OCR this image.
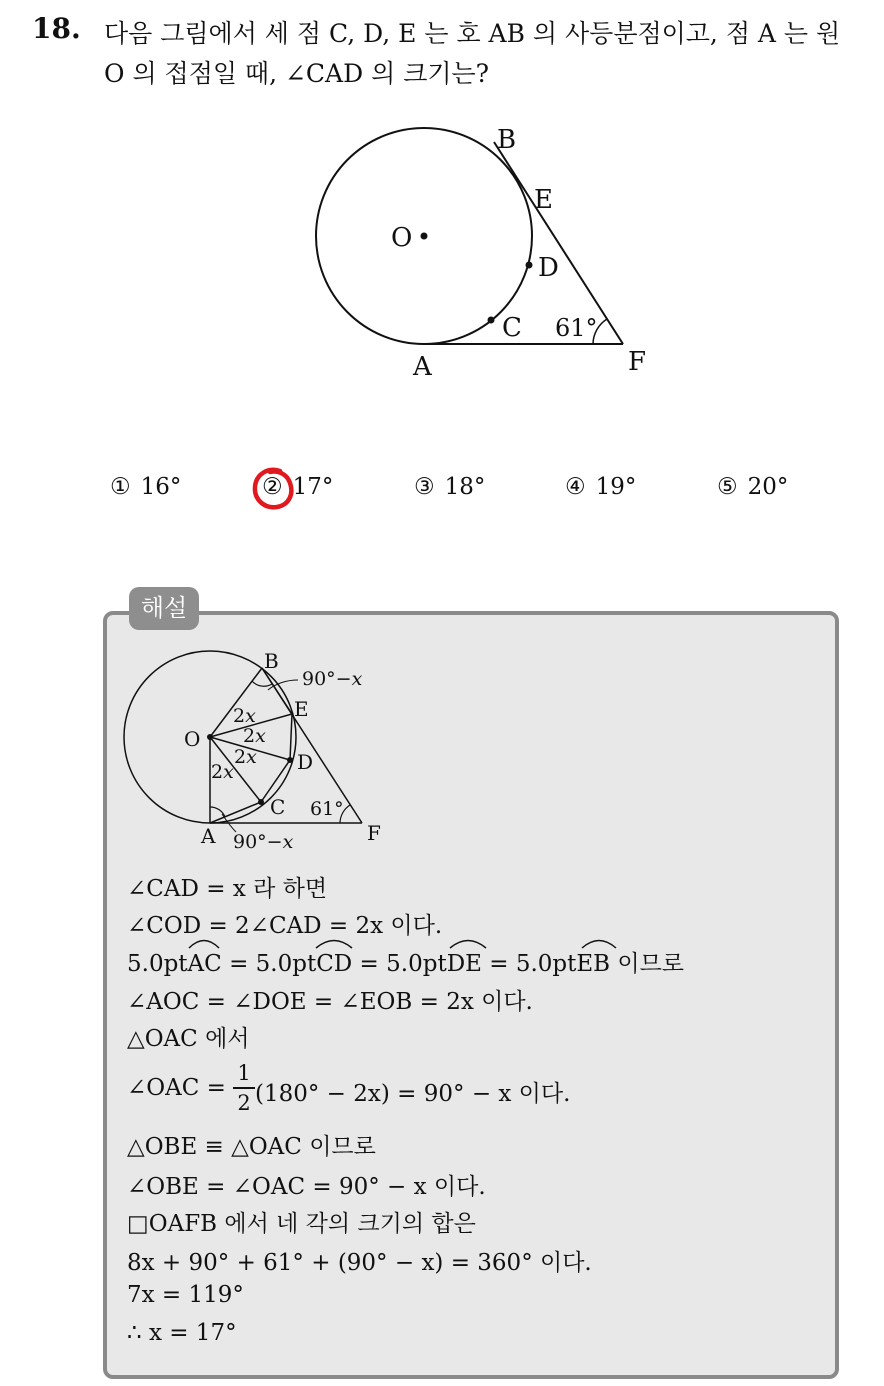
18. 다음 그림에서 세 점 C, D, E 는 호 AB 의 사등분점이고, 점 A 는 원
O 의 접점일 때, ∠CAD 의 크기는?
B
E
O
D
C
A	F
61°
① 16°	② 17°	③ 18°	④ 19°	⑤ 20°
해설
B
E
O
D
C
A	F
61°
90°−x
90°−x
2x
2x
2x
2x
∠CAD = x 라 하면
∠COD = 2∠CAD = 2x 이다.
5.0ptAC = 5.0ptCD = 5.0ptDE = 5.0ptEB 이므로
∠AOC = ∠DOE = ∠EOB = 2x 이다.
△OAC 에서
∠OAC =
1
2 (180° − 2x) = 90° − x 이다.
△OBE ≡ △OAC 이므로
∠OBE = ∠OAC = 90° − x 이다.
□OAFB 에서 네 각의 크기의 합은
8x + 90° + 61° + (90° − x) = 360° 이다.
7x = 119°
∴ x = 17°
